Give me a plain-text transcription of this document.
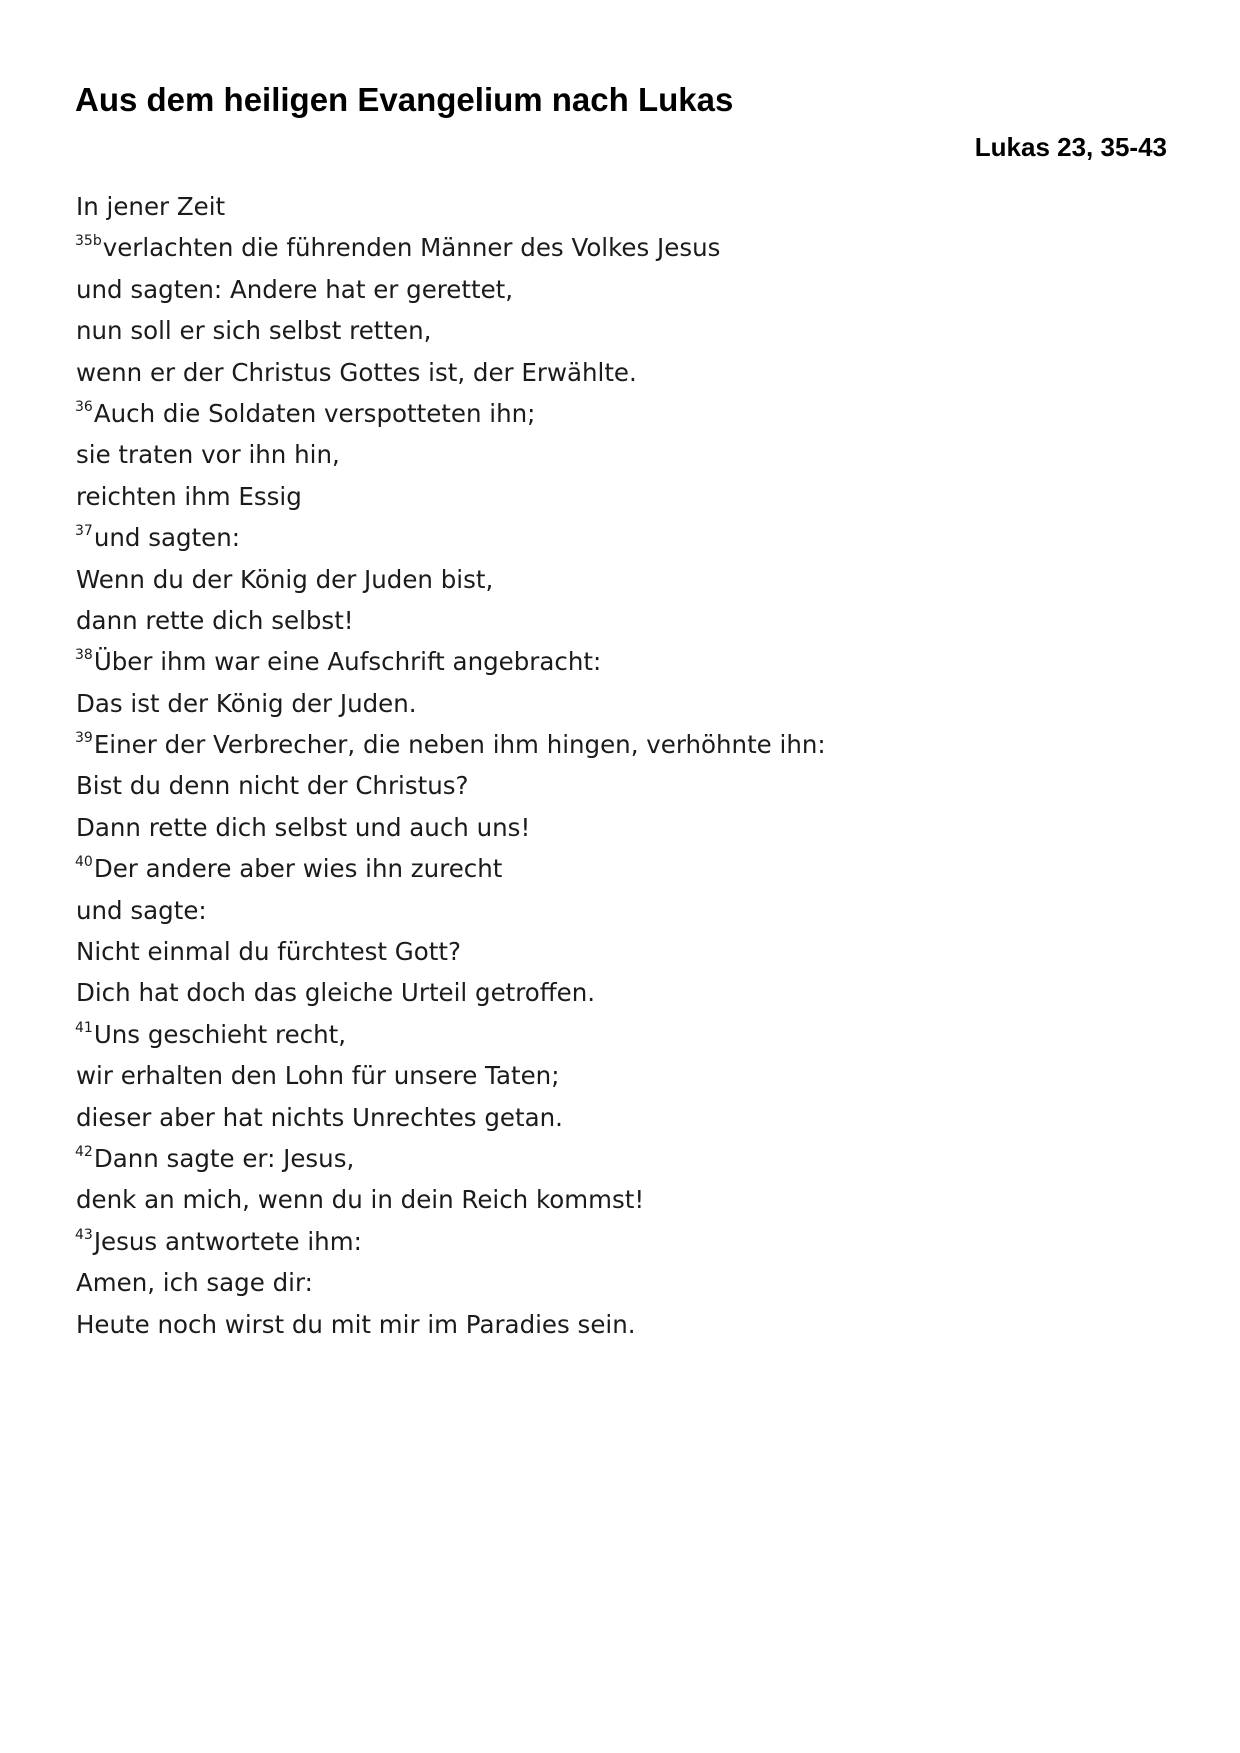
Aus dem heiligen Evangelium nach Lukas
Lukas 23, 35-43
In jener Zeit
$^{35b}$verlachten die führenden Männer des Volkes Jesus
und sagten: Andere hat er gerettet,
nun soll er sich selbst retten,
wenn er der Christus Gottes ist, der Erwählte.
$^{36}$Auch die Soldaten verspotteten ihn;
sie traten vor ihn hin,
reichten ihm Essig
$^{37}$und sagten:
Wenn du der König der Juden bist,
dann rette dich selbst!
$^{38}$Über ihm war eine Aufschrift angebracht:
Das ist der König der Juden.
$^{39}$Einer der Verbrecher, die neben ihm hingen, verhöhnte ihn:
Bist du denn nicht der Christus?
Dann rette dich selbst und auch uns!
$^{40}$Der andere aber wies ihn zurecht
und sagte:
Nicht einmal du fürchtest Gott?
Dich hat doch das gleiche Urteil getroffen.
$^{41}$Uns geschieht recht,
wir erhalten den Lohn für unsere Taten;
dieser aber hat nichts Unrechtes getan.
$^{42}$Dann sagte er: Jesus,
denk an mich, wenn du in dein Reich kommst!
$^{43}$Jesus antwortete ihm:
Amen, ich sage dir:
Heute noch wirst du mit mir im Paradies sein.
